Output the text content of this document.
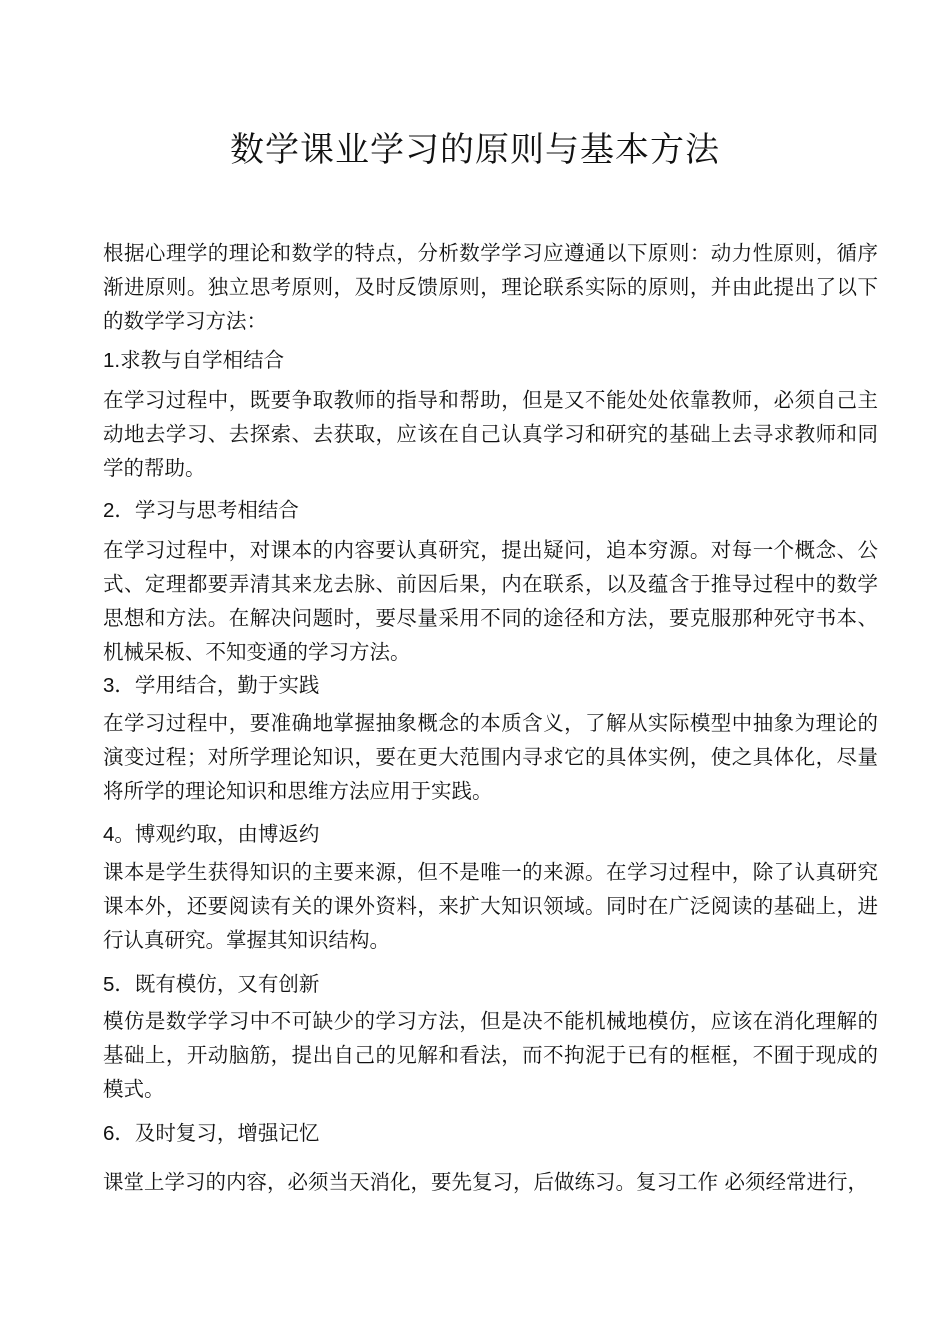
数学课业学习的原则与基本方法

根据心理学的理论和数学的特点，分析数学学习应遵通以下原则：动力性原则，循序渐进原则。独立思考原则，及时反馈原则，理论联系实际的原则，并由此提出了以下的数学学习方法：

1.求教与自学相结合

在学习过程中，既要争取教师的指导和帮助，但是又不能处处依靠教师，必须自己主动地去学习、去探索、去获取，应该在自己认真学习和研究的基础上去寻求教师和同学的帮助。

2．学习与思考相结合

在学习过程中，对课本的内容要认真研究，提出疑问，追本穷源。对每一个概念、公式、定理都要弄清其来龙去脉、前因后果，内在联系，以及蕴含于推导过程中的数学思想和方法。在解决问题时，要尽量采用不同的途径和方法，要克服那种死守书本、机械呆板、不知变通的学习方法。

3．学用结合，勤于实践

在学习过程中，要准确地掌握抽象概念的本质含义，了解从实际模型中抽象为理论的演变过程；对所学理论知识，要在更大范围内寻求它的具体实例，使之具体化，尽量将所学的理论知识和思维方法应用于实践。

4。博观约取，由博返约

课本是学生获得知识的主要来源，但不是唯一的来源。在学习过程中，除了认真研究课本外，还要阅读有关的课外资料，来扩大知识领域。同时在广泛阅读的基础上，进行认真研究。掌握其知识结构。

5．既有模仿，又有创新

模仿是数学学习中不可缺少的学习方法，但是决不能机械地模仿，应该在消化理解的基础上，开动脑筋，提出自己的见解和看法，而不拘泥于已有的框框，不囿于现成的模式。

6．及时复习，增强记忆

课堂上学习的内容，必须当天消化，要先复习，后做练习。复习工作 必须经常进行，
